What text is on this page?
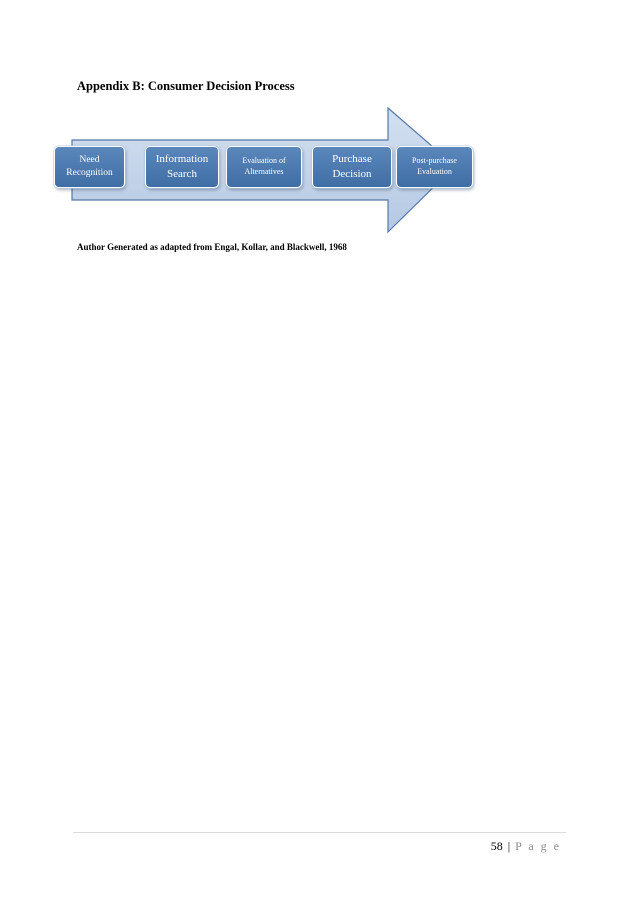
Appendix B: Consumer Decision Process
Need
Recognition
Information
Search
Evaluation of
Alternatives
Purchase
Decision
Post-purchase
Evaluation
Author Generated as adapted from Engal, Kollar, and Blackwell, 1968
58 | P a g e
